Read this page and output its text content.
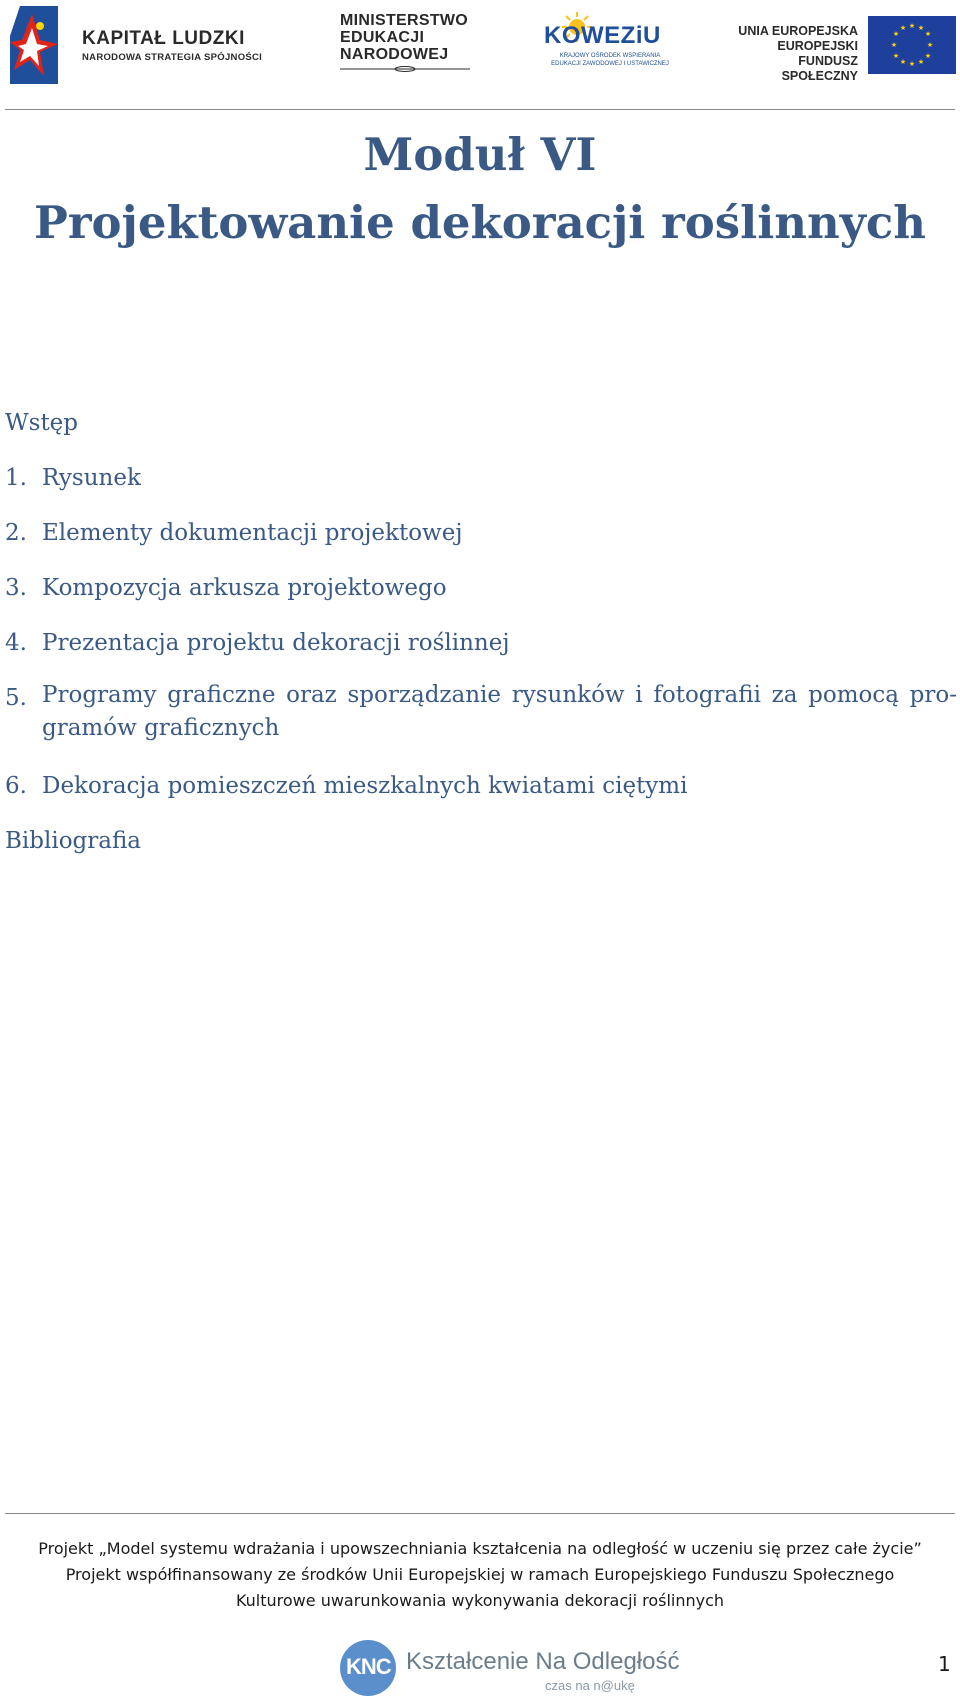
KAPITAŁ LUDZKI
NARODOWA STRATEGIA SPÓJNOŚCI
MINISTERSTWO
EDUKACJI
NARODOWEJ
KOWEZiU
KRAJOWY OŚRODEK WSPIERANIA
EDUKACJI ZAWODOWEJ I USTAWICZNEJ
UNIA EUROPEJSKA
EUROPEJSKI
FUNDUSZ SPOŁECZNY
★ ★
★
★
★
★
★
★
★
★
★
★
Moduł VI
Projektowanie dekoracji roślinnych
Wstęp
1. Rysunek
2. Elementy dokumentacji projektowej
3. Kompozycja arkusza projektowego
4. Prezentacja projektu dekoracji roślinnej
5. Programy graficzne oraz sporządzanie rysunków i fotografii za pomocą pro-
gramów graficznych
6. Dekoracja pomieszczeń mieszkalnych kwiatami ciętymi
Bibliografia
Projekt „Model systemu wdrażania i upowszechniania kształcenia na odległość w uczeniu się przez całe życie”
Projekt współfinansowany ze środków Unii Europejskiej w ramach Europejskiego Funduszu Społecznego
Kulturowe uwarunkowania wykonywania dekoracji roślinnych
KNC Kształcenie Na Odległość
czas na n@ukę
1
